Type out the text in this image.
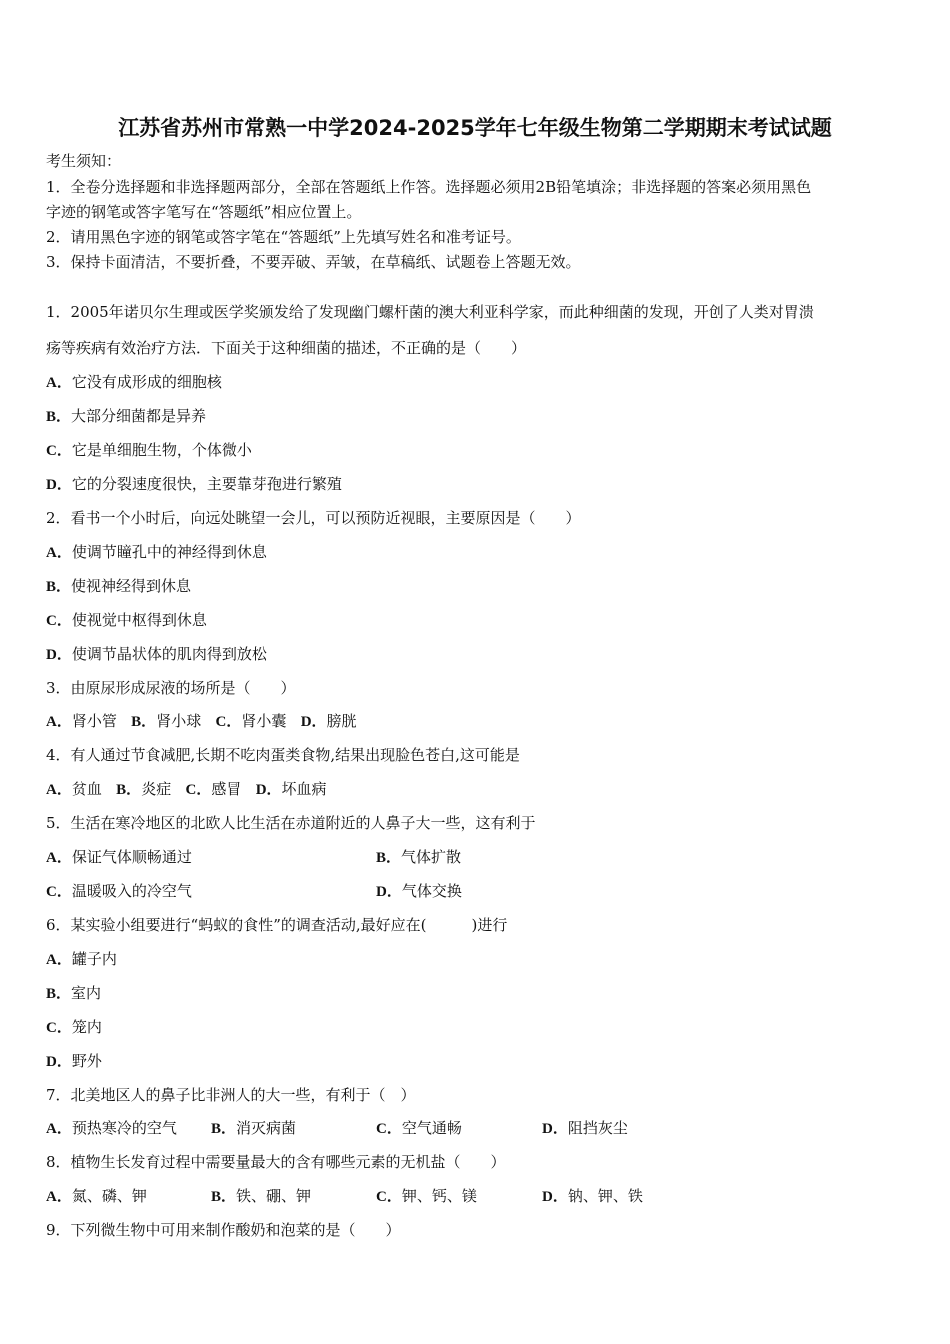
江苏省苏州市常熟一中学2024-2025学年七年级生物第二学期期末考试试题
考生须知：
1．全卷分选择题和非选择题两部分，全部在答题纸上作答。选择题必须用2B铅笔填涂；非选择题的答案必须用黑色
字迹的钢笔或答字笔写在“答题纸”相应位置上。
2．请用黑色字迹的钢笔或答字笔在“答题纸”上先填写姓名和准考证号。
3．保持卡面清洁，不要折叠，不要弄破、弄皱，在草稿纸、试题卷上答题无效。
1．2005年诺贝尔生理或医学奖颁发给了发现幽门螺杆菌的澳大利亚科学家，而此种细菌的发现，开创了人类对胃溃
疡等疾病有效治疗方法．下面关于这种细菌的描述，不正确的是（　　）
A．它没有成形成的细胞核
B．大部分细菌都是异养
C．它是单细胞生物，个体微小
D．它的分裂速度很快，主要靠芽孢进行繁殖
2．看书一个小时后，向远处眺望一会儿，可以预防近视眼，主要原因是（　　）
A．使调节瞳孔中的神经得到休息
B．使视神经得到休息
C．使视觉中枢得到休息
D．使调节晶状体的肌肉得到放松
3．由原尿形成尿液的场所是（　　）
A．肾小管 B．肾小球 C．肾小囊 D．膀胱
4．有人通过节食减肥,长期不吃肉蛋类食物,结果出现脸色苍白,这可能是
A．贫血 B．炎症 C．感冒 D．坏血病
5．生活在寒冷地区的北欧人比生活在赤道附近的人鼻子大一些，这有利于
A．保证气体顺畅通过	B．气体扩散
C．温暖吸入的冷空气	D．气体交换
6．某实验小组要进行“蚂蚁的食性”的调查活动,最好应在(　　　)进行
A．罐子内
B．室内
C．笼内
D．野外
7．北美地区人的鼻子比非洲人的大一些，有利于（　）
A．预热寒冷的空气 B．消灭病菌	C．空气通畅	D．阻挡灰尘
8．植物生长发育过程中需要量最大的含有哪些元素的无机盐（　　）
A．氮、磷、钾	B．铁、硼、钾	C．钾、钙、镁	D．钠、钾、铁
9．下列微生物中可用来制作酸奶和泡菜的是（　　）
